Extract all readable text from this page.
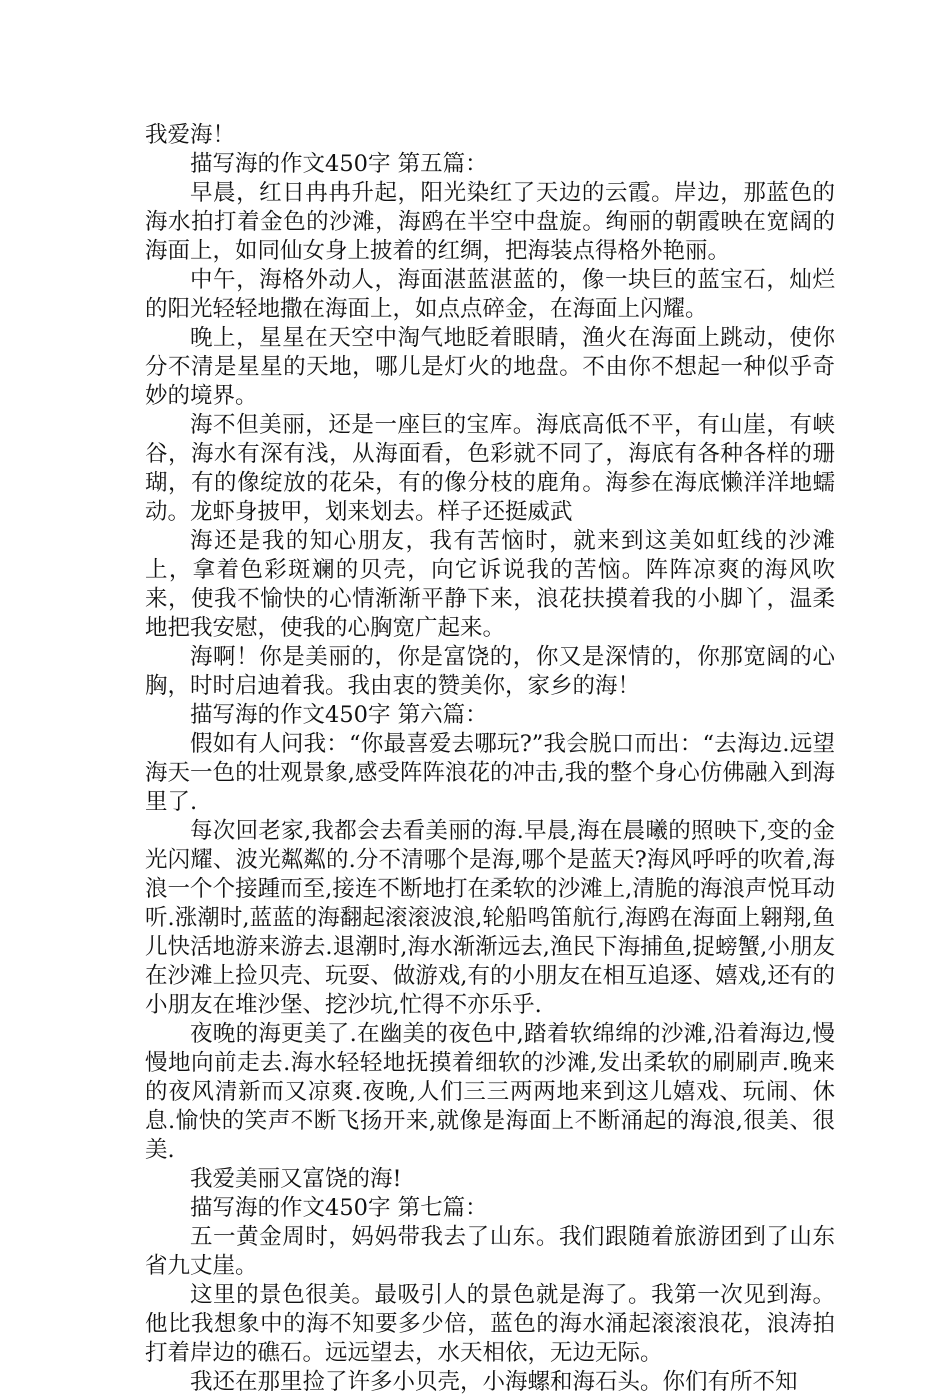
我爱海！

描写海的作文450字 第五篇：

早晨，红日冉冉升起，阳光染红了天边的云霞。岸边，那蓝色的海水拍打着金色的沙滩，海鸥在半空中盘旋。绚丽的朝霞映在宽阔的海面上，如同仙女身上披着的红绸，把海装点得格外艳丽。

中午，海格外动人，海面湛蓝湛蓝的，像一块巨的蓝宝石，灿烂的阳光轻轻地撒在海面上，如点点碎金，在海面上闪耀。

晚上，星星在天空中淘气地眨着眼睛，渔火在海面上跳动，使你分不清是星星的天地，哪儿是灯火的地盘。不由你不想起一种似乎奇妙的境界。

海不但美丽，还是一座巨的宝库。海底高低不平，有山崖，有峡谷，海水有深有浅，从海面看，色彩就不同了，海底有各种各样的珊瑚，有的像绽放的花朵，有的像分枝的鹿角。海参在海底懒洋洋地蠕动。龙虾身披甲，划来划去。样子还挺威武

海还是我的知心朋友，我有苦恼时，就来到这美如虹线的沙滩上，拿着色彩斑斓的贝壳，向它诉说我的苦恼。阵阵凉爽的海风吹来，使我不愉快的心情渐渐平静下来，浪花扶摸着我的小脚丫，温柔地把我安慰，使我的心胸宽广起来。

海啊！你是美丽的，你是富饶的，你又是深情的，你那宽阔的心胸，时时启迪着我。我由衷的赞美你，家乡的海！

描写海的作文450字 第六篇：

假如有人问我：“你最喜爱去哪玩?”我会脱口而出：“去海边.远望海天一色的壮观景象,感受阵阵浪花的冲击,我的整个身心仿佛融入到海里了.

每次回老家,我都会去看美丽的海.早晨,海在晨曦的照映下,变的金光闪耀、波光粼粼的.分不清哪个是海,哪个是蓝天?海风呼呼的吹着,海浪一个个接踵而至,接连不断地打在柔软的沙滩上,清脆的海浪声悦耳动听.涨潮时,蓝蓝的海翻起滚滚波浪,轮船鸣笛航行,海鸥在海面上翱翔,鱼儿快活地游来游去.退潮时,海水渐渐远去,渔民下海捕鱼,捉螃蟹,小朋友在沙滩上捡贝壳、玩耍、做游戏,有的小朋友在相互追逐、嬉戏,还有的小朋友在堆沙堡、挖沙坑,忙得不亦乐乎.

夜晚的海更美了.在幽美的夜色中,踏着软绵绵的沙滩,沿着海边,慢慢地向前走去.海水轻轻地抚摸着细软的沙滩,发出柔软的刷刷声.晚来的夜风清新而又凉爽.夜晚,人们三三两两地来到这儿嬉戏、玩闹、休息.愉快的笑声不断飞扬开来,就像是海面上不断涌起的海浪,很美、很美.

我爱美丽又富饶的海!

描写海的作文450字 第七篇：

五一黄金周时，妈妈带我去了山东。我们跟随着旅游团到了山东省九丈崖。

这里的景色很美。最吸引人的景色就是海了。我第一次见到海。他比我想象中的海不知要多少倍，蓝色的海水涌起滚滚浪花，浪涛拍打着岸边的礁石。远远望去，水天相依，无边无际。

我还在那里捡了许多小贝壳，小海螺和海石头。你们有所不知
